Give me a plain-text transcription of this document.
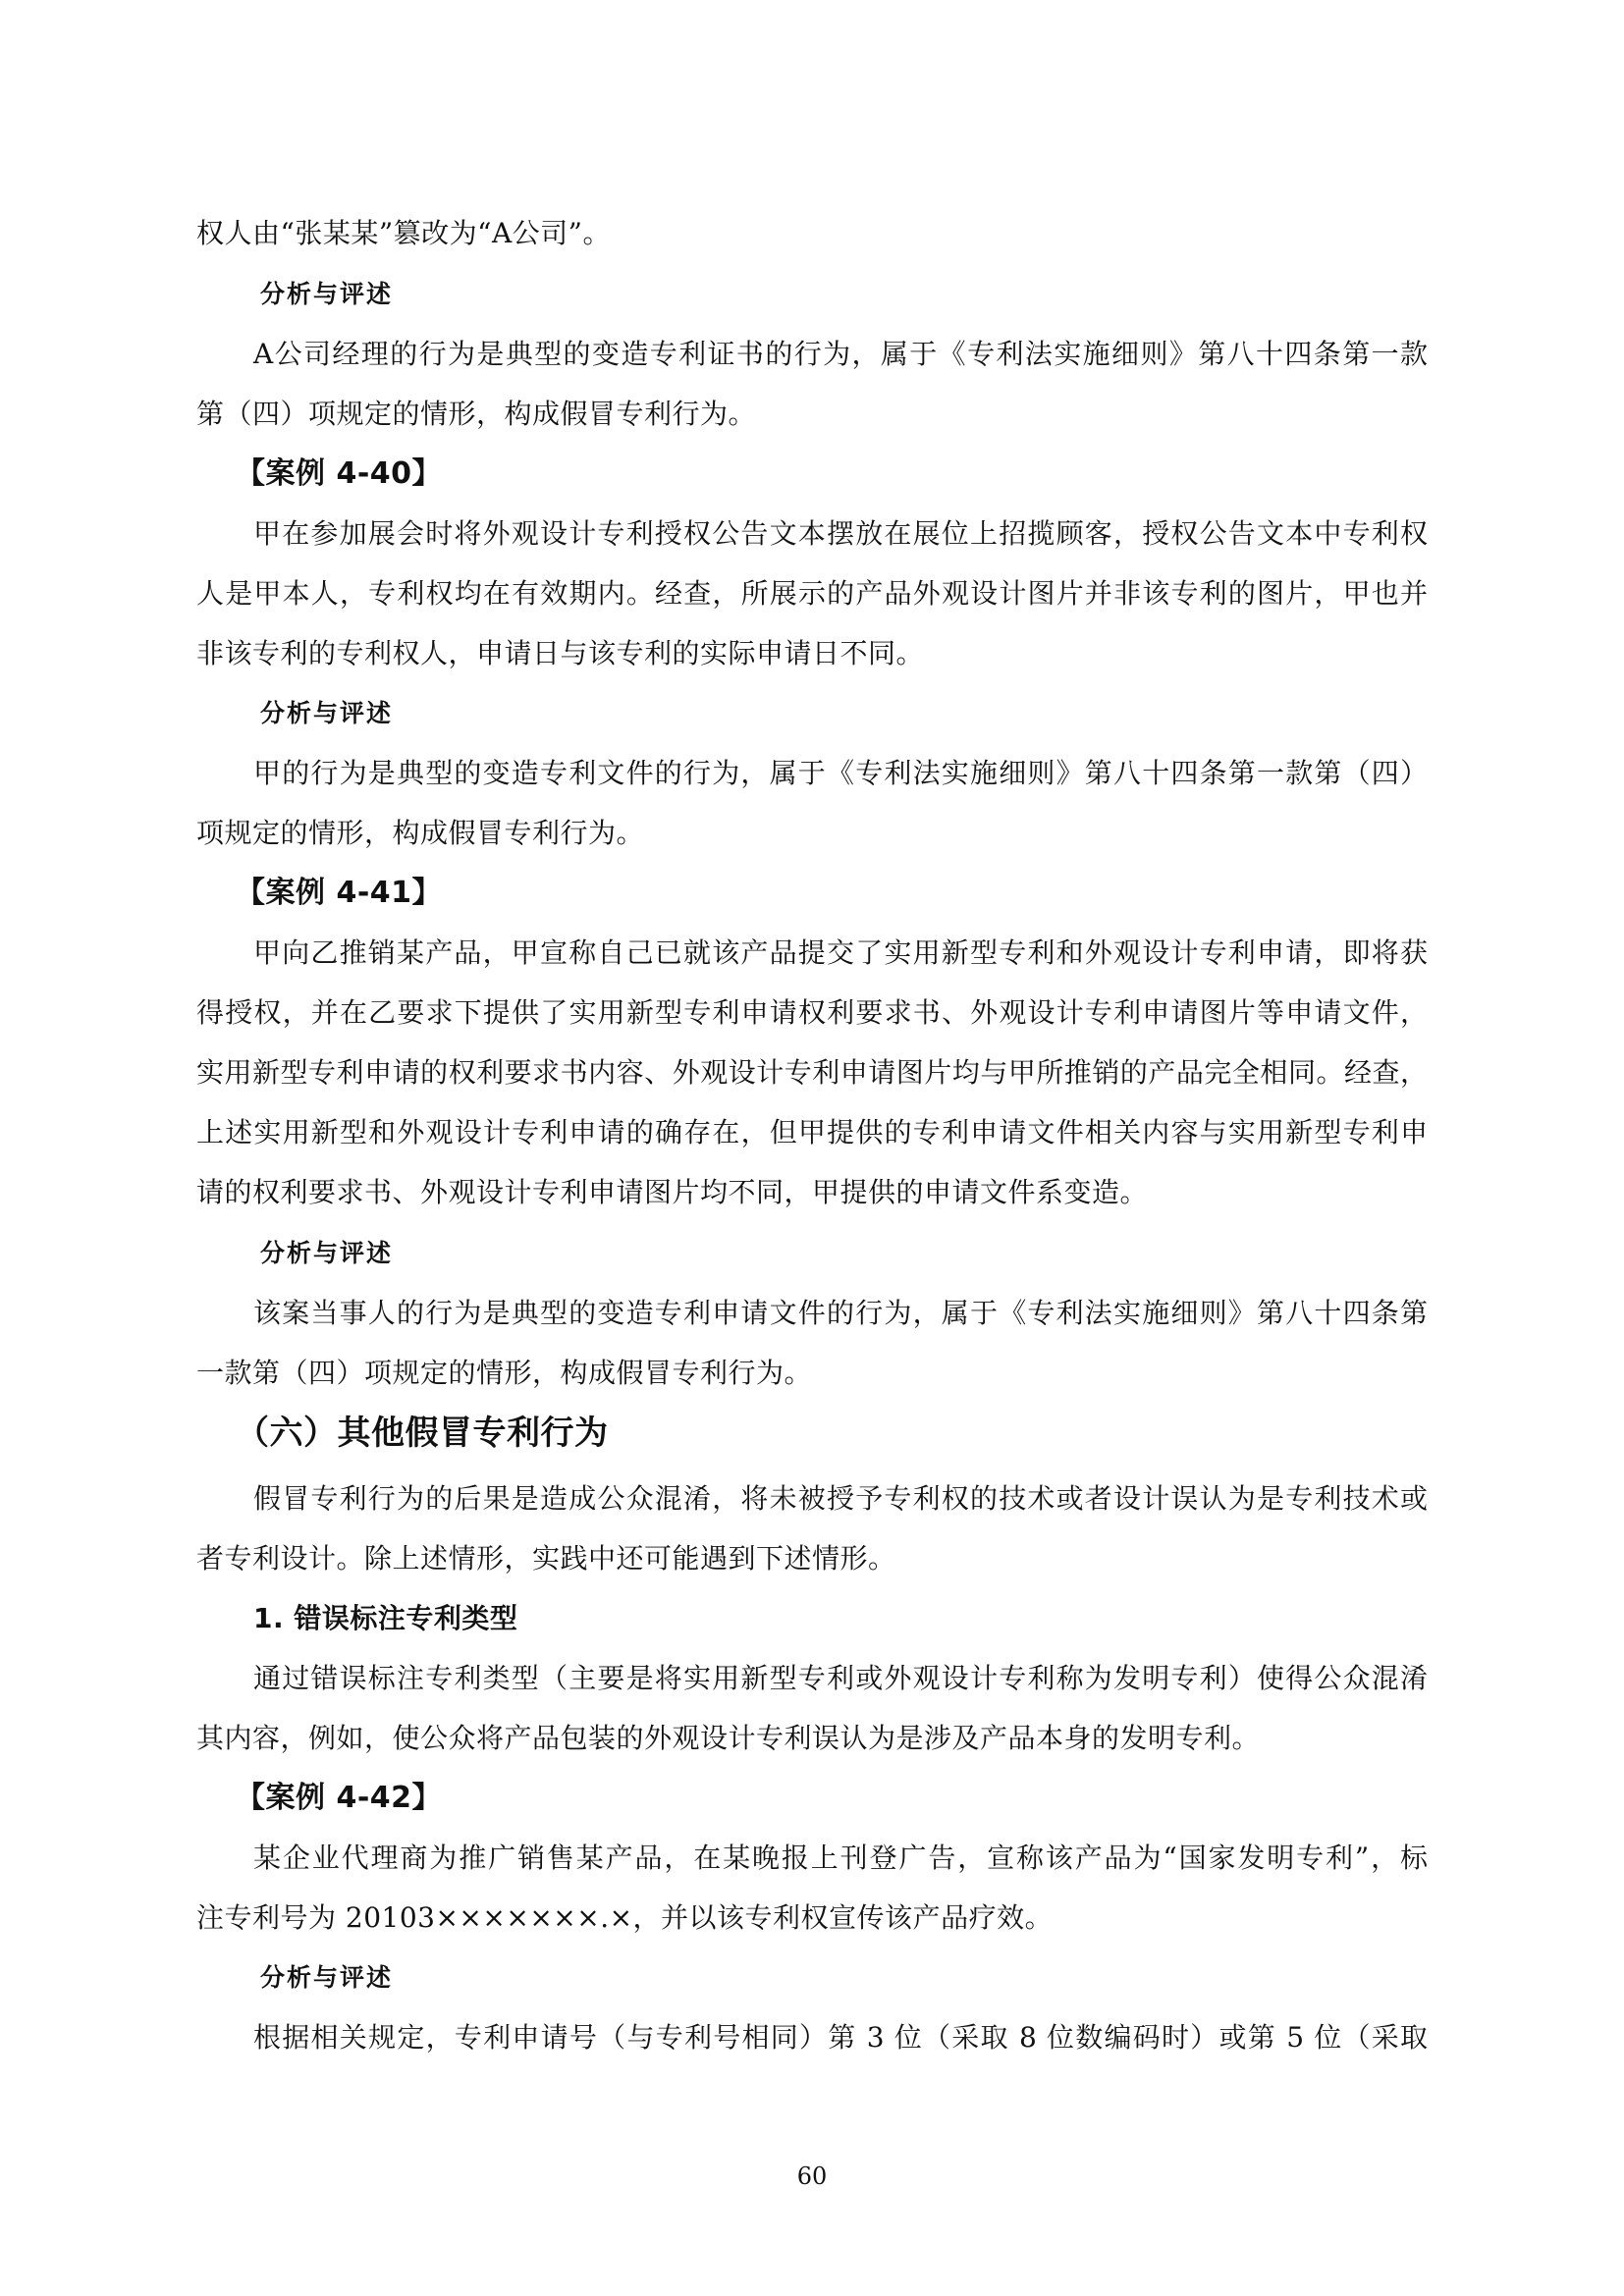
权人由“张某某”篡改为“A公司”。
分析与评述
A公司经理的行为是典型的变造专利证书的行为，属于《专利法实施细则》第八十四条第一款
第（四）项规定的情形，构成假冒专利行为。
【案例 4-40】
甲在参加展会时将外观设计专利授权公告文本摆放在展位上招揽顾客，授权公告文本中专利权
人是甲本人，专利权均在有效期内。经查，所展示的产品外观设计图片并非该专利的图片，甲也并
非该专利的专利权人，申请日与该专利的实际申请日不同。
分析与评述
甲的行为是典型的变造专利文件的行为，属于《专利法实施细则》第八十四条第一款第（四）
项规定的情形，构成假冒专利行为。
【案例 4-41】
甲向乙推销某产品，甲宣称自己已就该产品提交了实用新型专利和外观设计专利申请，即将获
得授权，并在乙要求下提供了实用新型专利申请权利要求书、外观设计专利申请图片等申请文件，
实用新型专利申请的权利要求书内容、外观设计专利申请图片均与甲所推销的产品完全相同。经查，
上述实用新型和外观设计专利申请的确存在，但甲提供的专利申请文件相关内容与实用新型专利申
请的权利要求书、外观设计专利申请图片均不同，甲提供的申请文件系变造。
分析与评述
该案当事人的行为是典型的变造专利申请文件的行为，属于《专利法实施细则》第八十四条第
一款第（四）项规定的情形，构成假冒专利行为。
（六）其他假冒专利行为
假冒专利行为的后果是造成公众混淆，将未被授予专利权的技术或者设计误认为是专利技术或
者专利设计。除上述情形，实践中还可能遇到下述情形。
1. 错误标注专利类型
通过错误标注专利类型（主要是将实用新型专利或外观设计专利称为发明专利）使得公众混淆
其内容，例如，使公众将产品包装的外观设计专利误认为是涉及产品本身的发明专利。
【案例 4-42】
某企业代理商为推广销售某产品，在某晚报上刊登广告，宣称该产品为“国家发明专利”，标
注专利号为 20103×××××××.×，并以该专利权宣传该产品疗效。
分析与评述
根据相关规定，专利申请号（与专利号相同）第 3 位（采取 8 位数编码时）或第 5 位（采取
60
